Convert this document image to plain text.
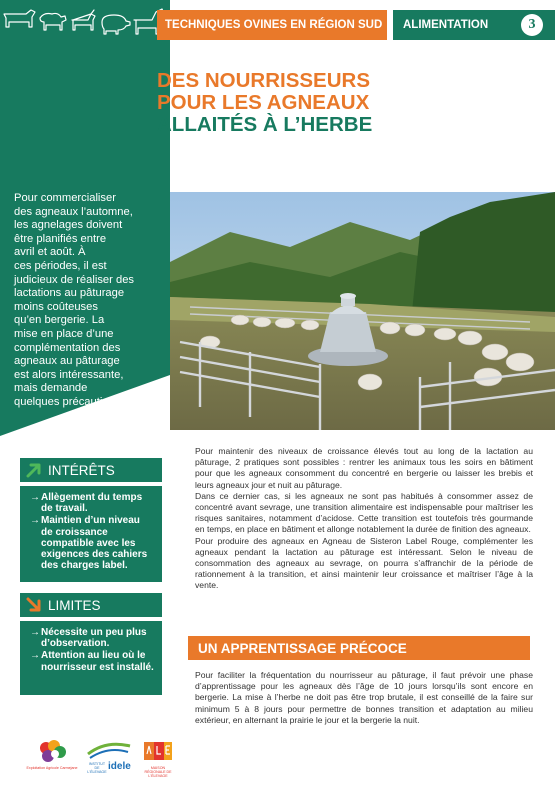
TECHNIQUES OVINES EN RÉGION SUD ALIMENTATION	3
DES NOURRISSEURS
POUR LES AGNEAUX
ALLAITÉS À L’HERBE

Pour commercialiser

des agneaux l’automne,

les agnelages doivent

être planifiés entre

avril et août. À

ces périodes, il est

judicieux de réaliser des

lactations au pâturage

moins coûteuses

qu’en bergerie. La

mise en place d’une

complémentation des

agneaux au pâturage

est alors intéressante,

mais demande

quelques précautions.

INTÉRÊTS
→ Allègement du temps de travail.
→ Maintien d’un niveau de croissance compatible avec les exigences des cahiers des charges label.
LIMITES
→ Nécessite un peu plus d’observation.
→ Attention au lieu où le nourrisseur est installé.

Pour maintenir des niveaux de croissance élevés tout au long de la lactation au pâturage, 2 pratiques sont possibles : rentrer les animaux tous les soirs en bâtiment pour que les agneaux consomment du concentré en bergerie ou laisser les brebis et leurs agneaux jour et nuit au pâturage.

Dans ce dernier cas, si les agneaux ne sont pas habitués à consommer assez de concentré avant sevrage, une transition alimentaire est indispensable pour maîtriser les risques sanitaires, notamment d’acidose. Cette transition est toutefois très gourmande en temps, en place en bâtiment et allonge notablement la durée de finition des agneaux.

Pour produire des agneaux en Agneau de Sisteron Label Rouge, complémenter les agneaux pendant la lactation au pâturage est intéressant. Selon le niveau de consommation des agneaux au sevrage, on pourra s’affranchir de la période de rationnement à la transition, et ainsi maintenir leur croissance et maîtriser l’âge à la vente.

UN APPRENTISSAGE PRÉCOCE

Pour faciliter la fréquentation du nourrisseur au pâturage, il faut prévoir une phase d’apprentissage pour les agneaux dès l’âge de 10 jours lorsqu’ils sont encore en bergerie. La mise à l’herbe ne doit pas être trop brutale, il est conseillé de la faire sur minimum 5 à 8 jours pour permettre de bonnes transition et adaptation au milieu extérieur, en alternant la prairie le jour et la bergerie la nuit.

Exploitation Agricole Carmejane
INSTITUT DE L'ÉLEVAGE
idele	MAISON RÉGIONALE DE L'ÉLEVAGE
